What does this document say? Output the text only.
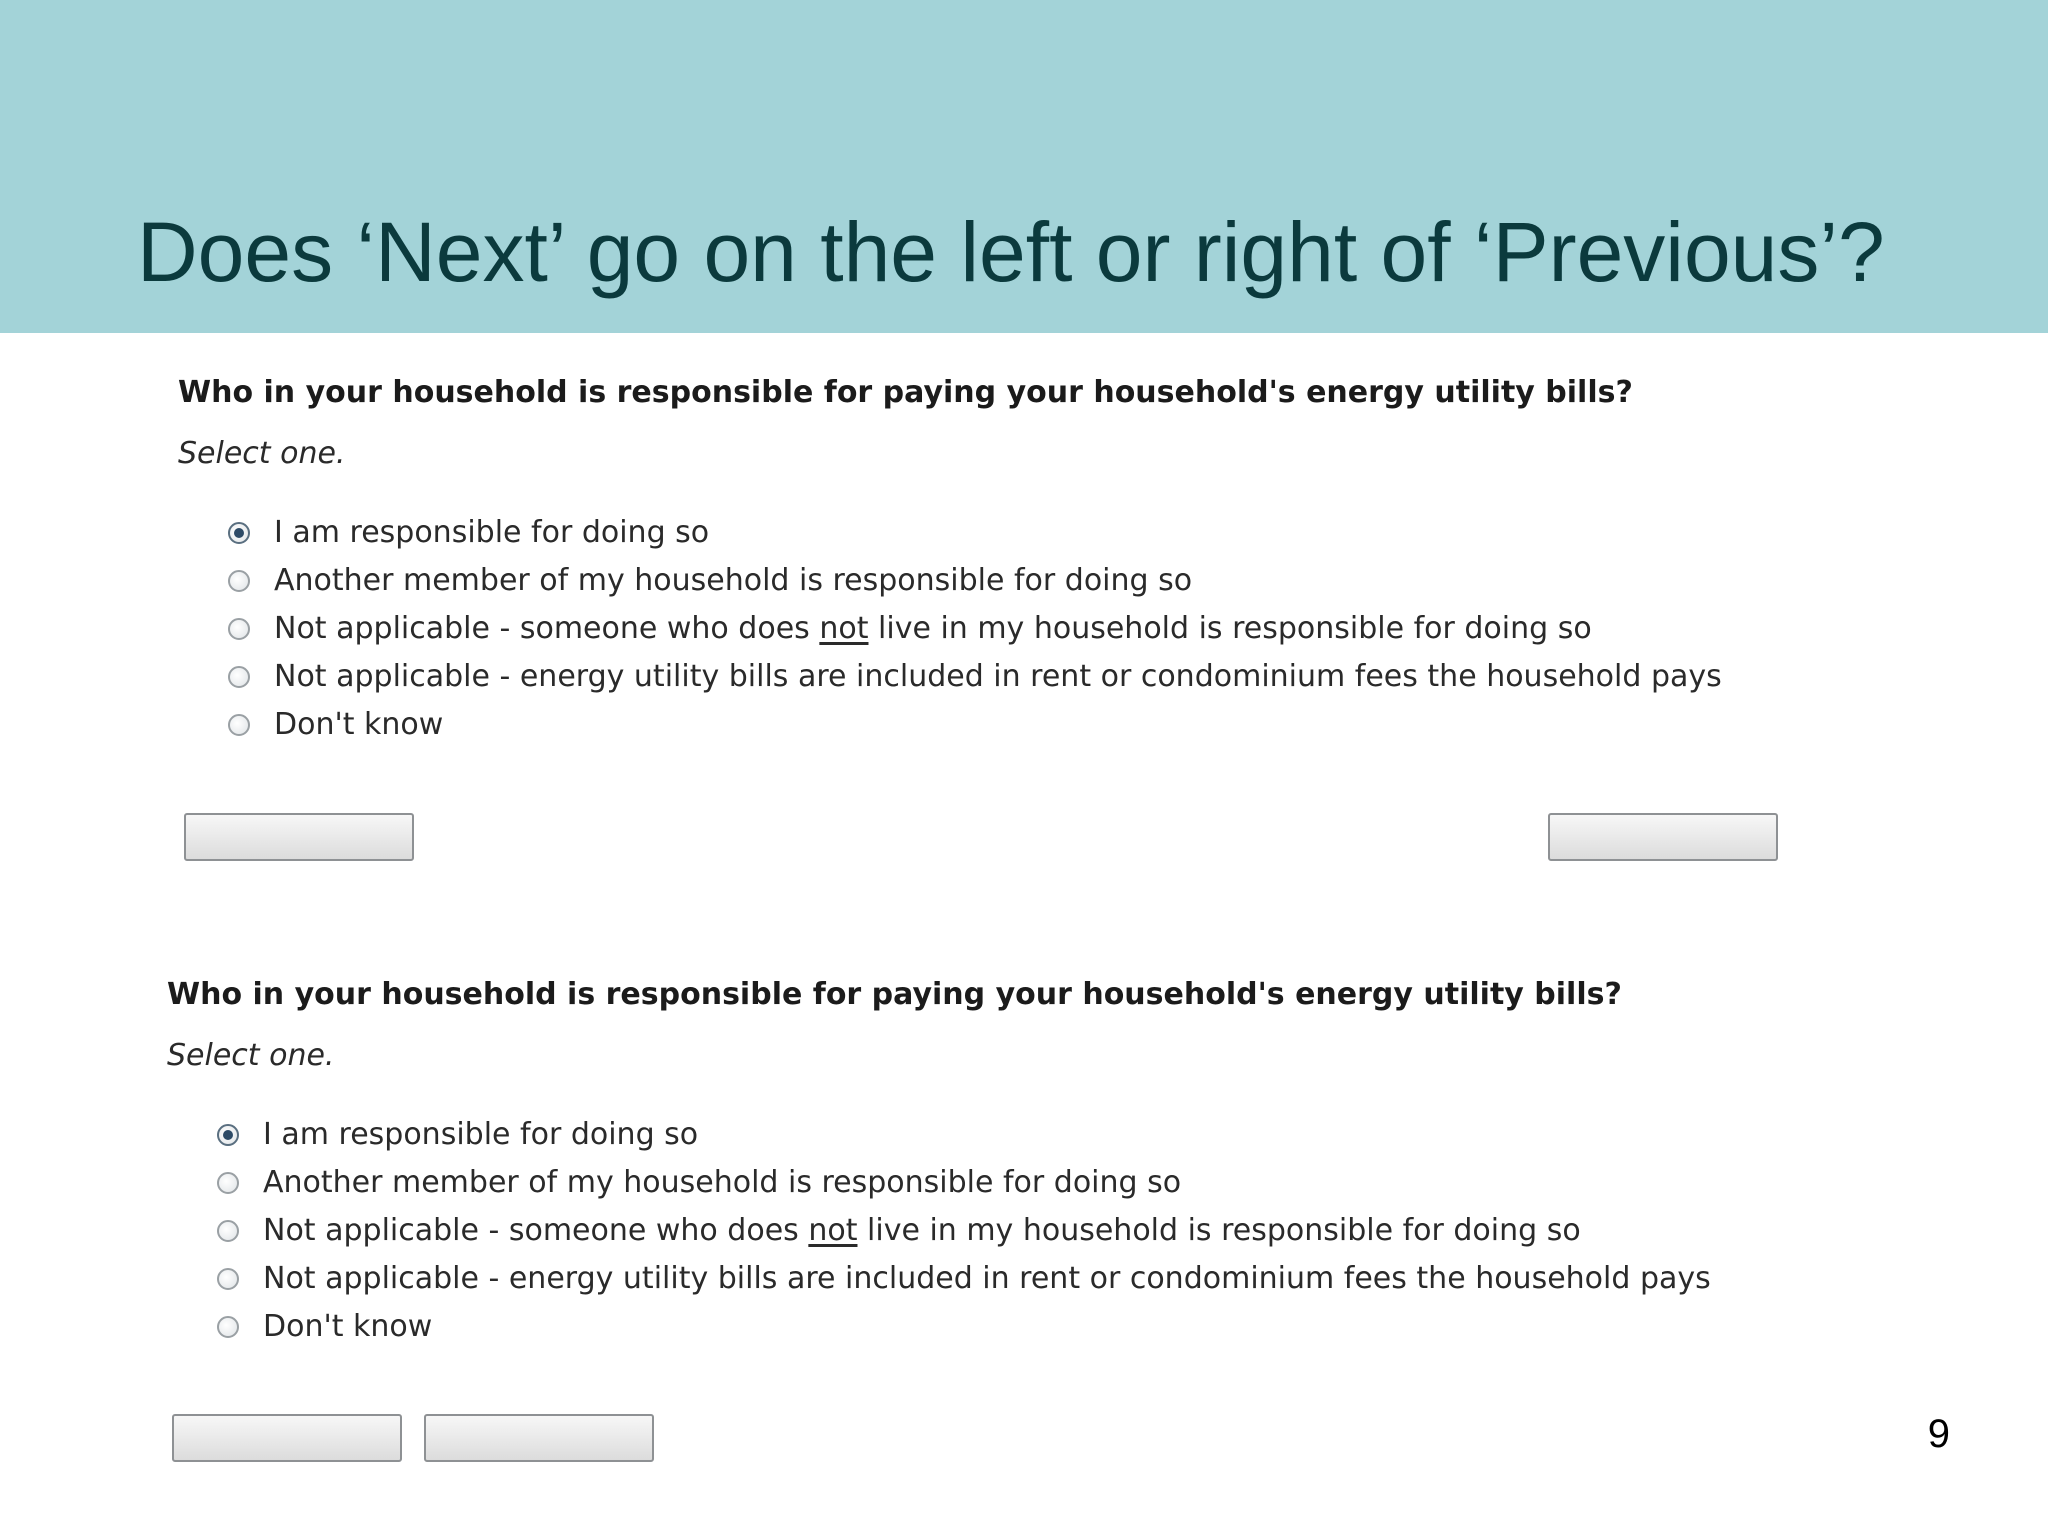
Does ‘Next’ go on the left or right of ‘Previous’?

Who in your household is responsible for paying your household's energy utility bills?

Select one.

I am responsible for doing so
Another member of my household is responsible for doing so
Not applicable - someone who does not live in my household is responsible for doing so
Not applicable - energy utility bills are included in rent or condominium fees the household pays
Don't know

Who in your household is responsible for paying your household's energy utility bills?

Select one.

I am responsible for doing so
Another member of my household is responsible for doing so
Not applicable - someone who does not live in my household is responsible for doing so
Not applicable - energy utility bills are included in rent or condominium fees the household pays
Don't know
9
